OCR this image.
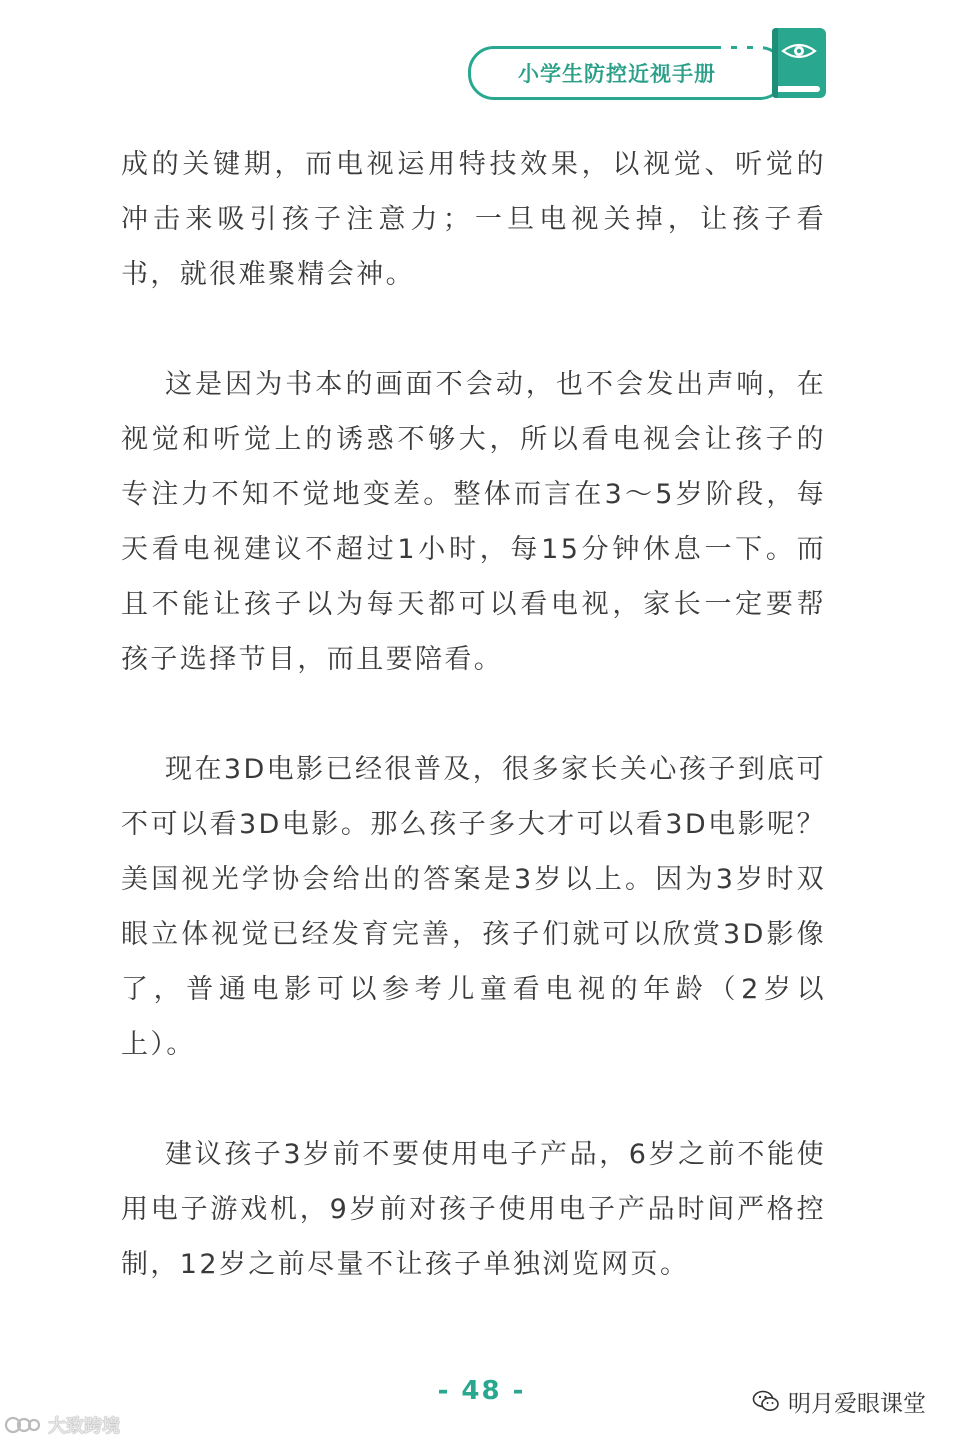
小学生防控近视手册

成的关键期，而电视运用特技效果，以视觉、听觉的冲击来吸引孩子注意力；一旦电视关掉，让孩子看书，就很难聚精会神。

这是因为书本的画面不会动，也不会发出声响，在视觉和听觉上的诱惑不够大，所以看电视会让孩子的专注力不知不觉地变差。整体而言在3～5岁阶段，每天看电视建议不超过1小时，每15分钟休息一下。而且不能让孩子以为每天都可以看电视，家长一定要帮孩子选择节目，而且要陪看。

现在3D电影已经很普及，很多家长关心孩子到底可不可以看3D电影。那么孩子多大才可以看3D电影呢？美国视光学协会给出的答案是3岁以上。因为3岁时双眼立体视觉已经发育完善，孩子们就可以欣赏3D影像了，普通电影可以参考儿童看电视的年龄（2岁以上）。

建议孩子3岁前不要使用电子产品，6岁之前不能使用电子游戏机，9岁前对孩子使用电子产品时间严格控制，12岁之前尽量不让孩子单独浏览网页。

- 48 -	明月爱眼课堂
大致跨境
